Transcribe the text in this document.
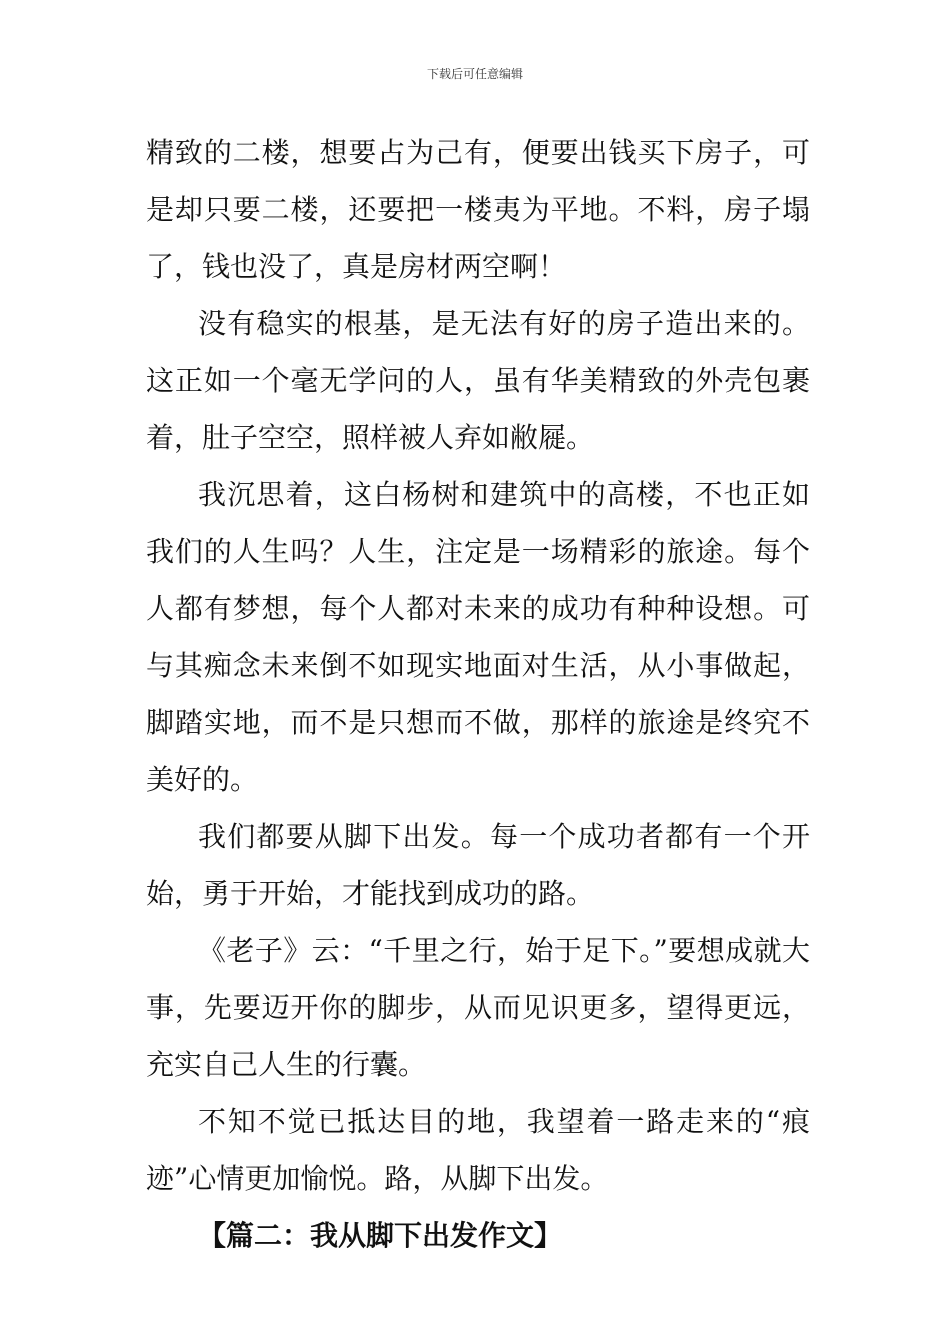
下载后可任意编辑

精致的二楼，想要占为己有，便要出钱买下房子，可是却只要二楼，还要把一楼夷为平地。不料，房子塌了，钱也没了，真是房材两空啊！

没有稳实的根基，是无法有好的房子造出来的。这正如一个毫无学问的人，虽有华美精致的外壳包裹着，肚子空空，照样被人弃如敝屣。

我沉思着，这白杨树和建筑中的高楼，不也正如我们的人生吗？人生，注定是一场精彩的旅途。每个人都有梦想，每个人都对未来的成功有种种设想。可与其痴念未来倒不如现实地面对生活，从小事做起，脚踏实地，而不是只想而不做，那样的旅途是终究不美好的。

我们都要从脚下出发。每一个成功者都有一个开始，勇于开始，才能找到成功的路。

《老子》云：“千里之行，始于足下。”要想成就大事，先要迈开你的脚步，从而见识更多，望得更远，充实自己人生的行囊。

不知不觉已抵达目的地，我望着一路走来的“痕迹”心情更加愉悦。路，从脚下出发。

【篇二：我从脚下出发作文】
